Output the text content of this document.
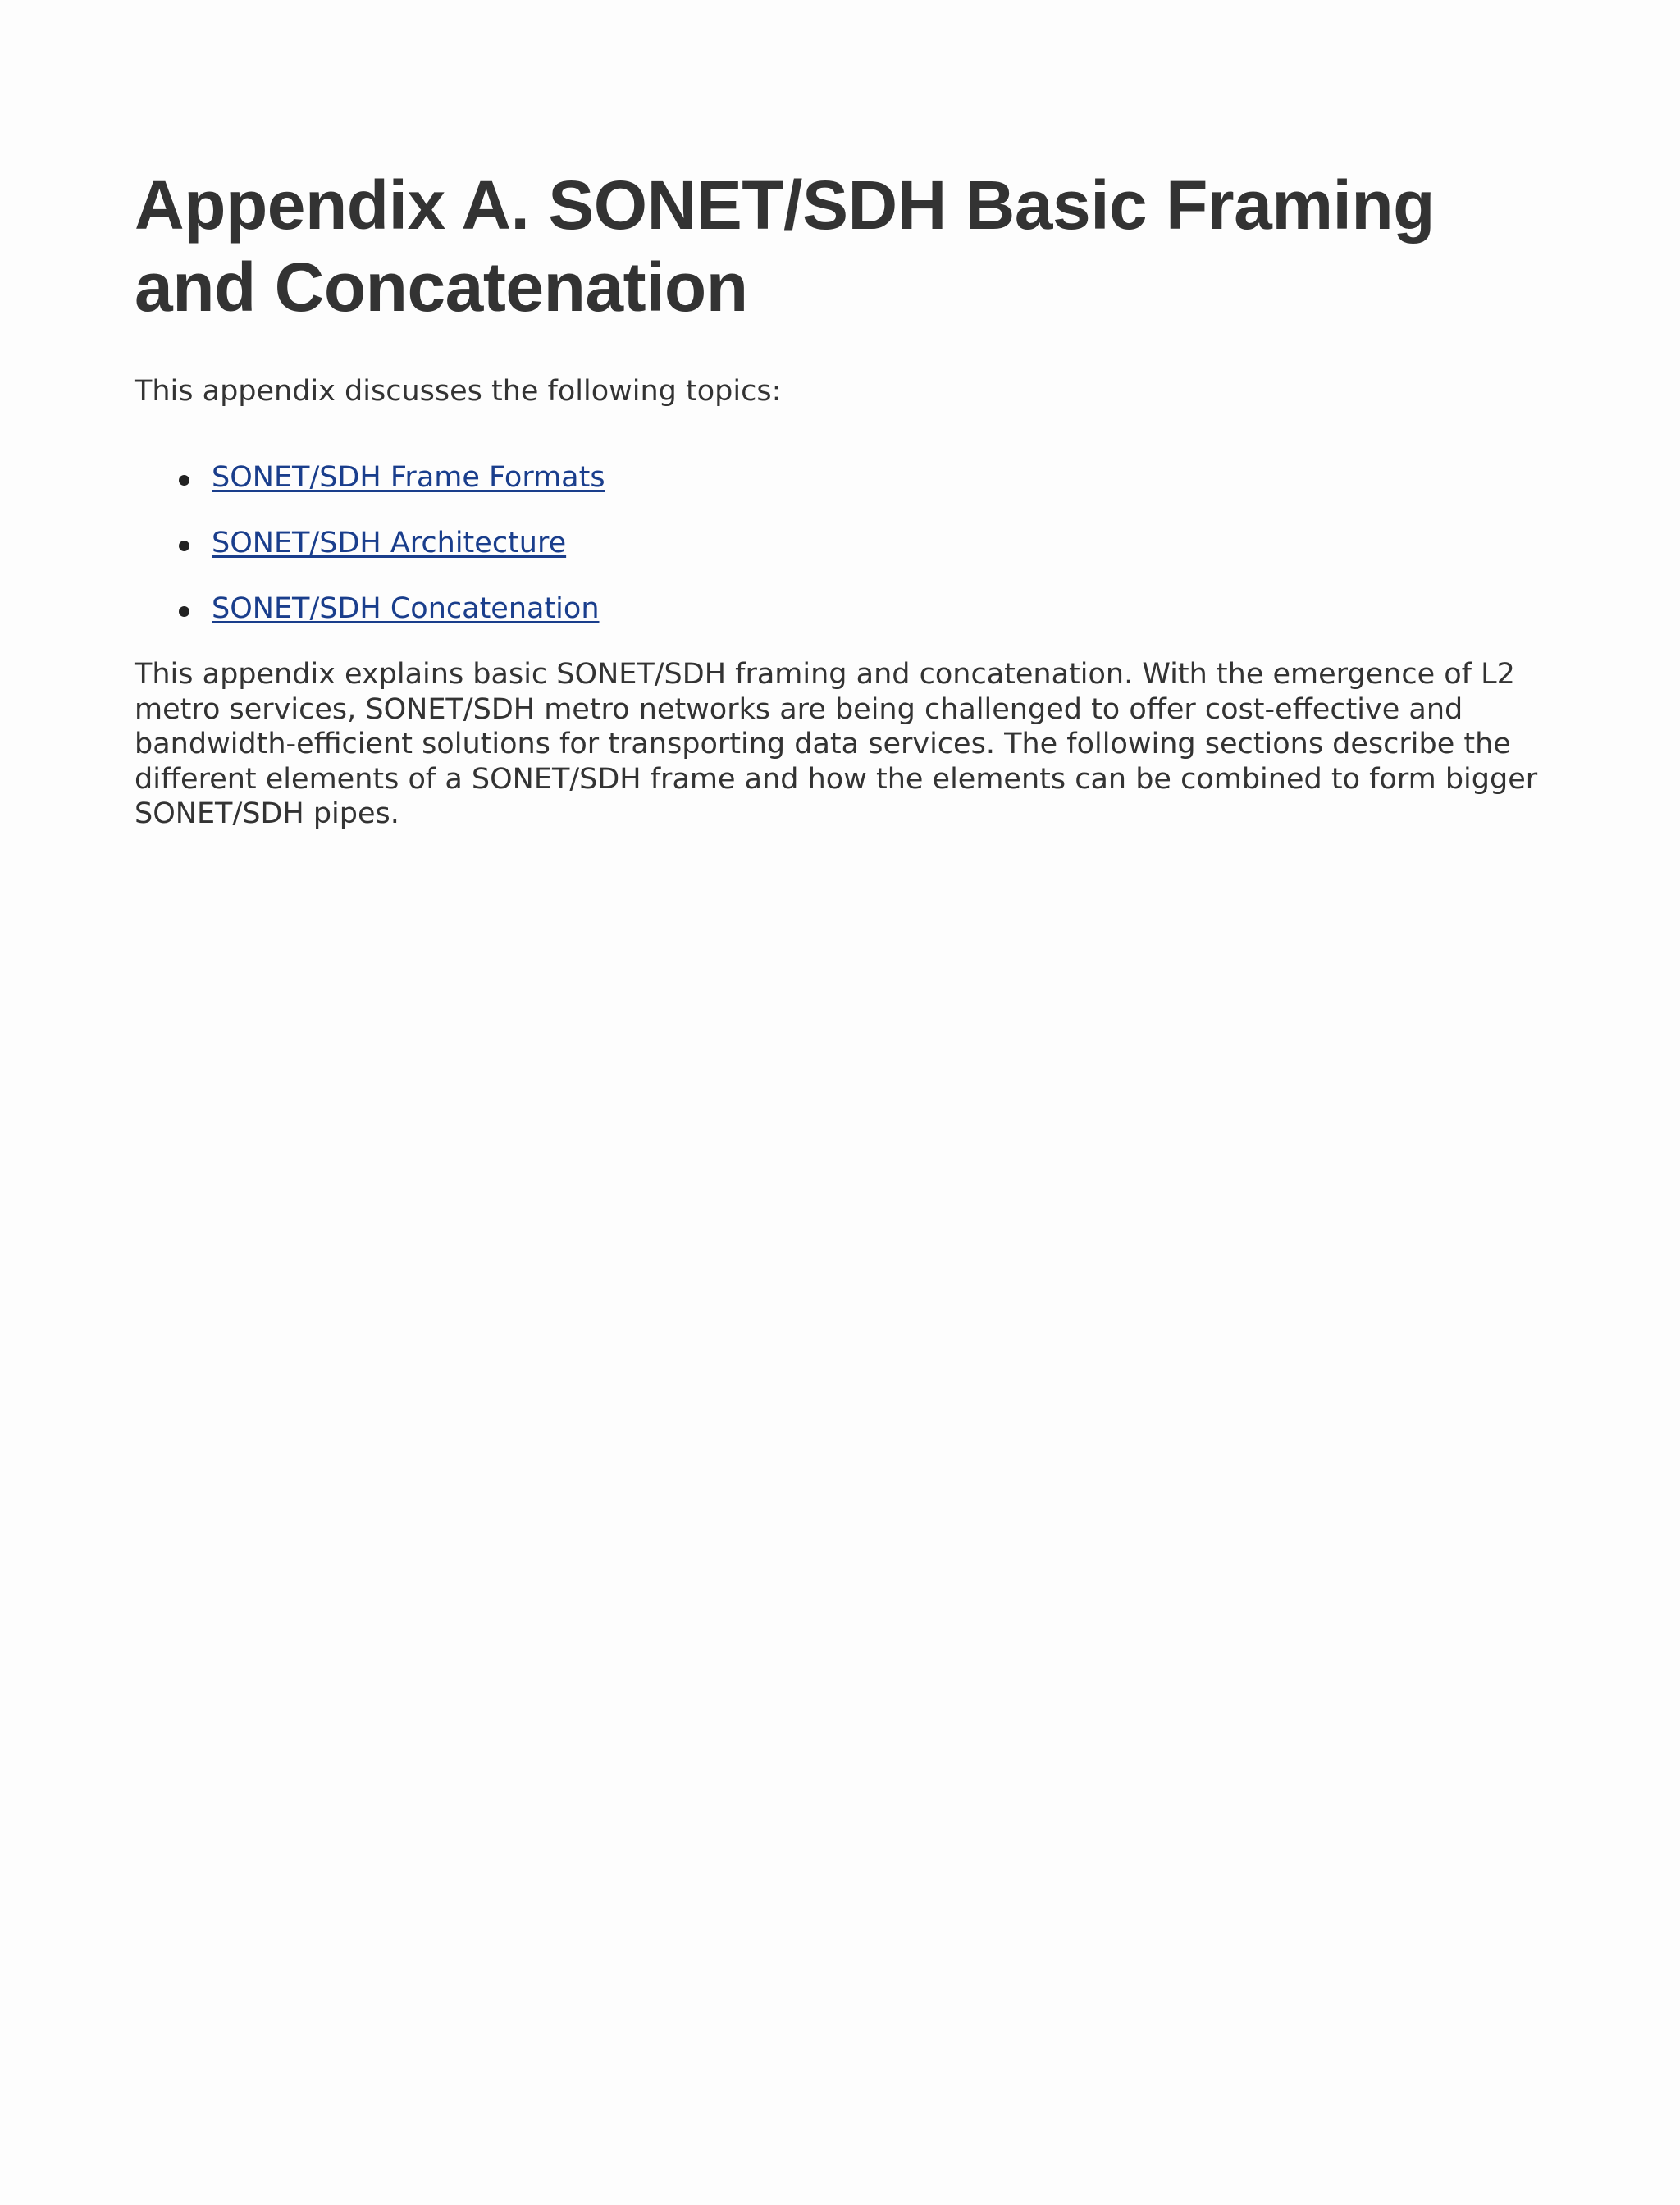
Appendix A. SONET/SDH Basic Framing and Concatenation

This appendix discusses the following topics:

SONET/SDH Frame Formats
SONET/SDH Architecture
SONET/SDH Concatenation

This appendix explains basic SONET/SDH framing and concatenation. With the emergence of L2 metro services, SONET/SDH metro networks are being challenged to offer cost-effective and bandwidth-efficient solutions for transporting data services. The following sections describe the different elements of a SONET/SDH frame and how the elements can be combined to form bigger SONET/SDH pipes.
